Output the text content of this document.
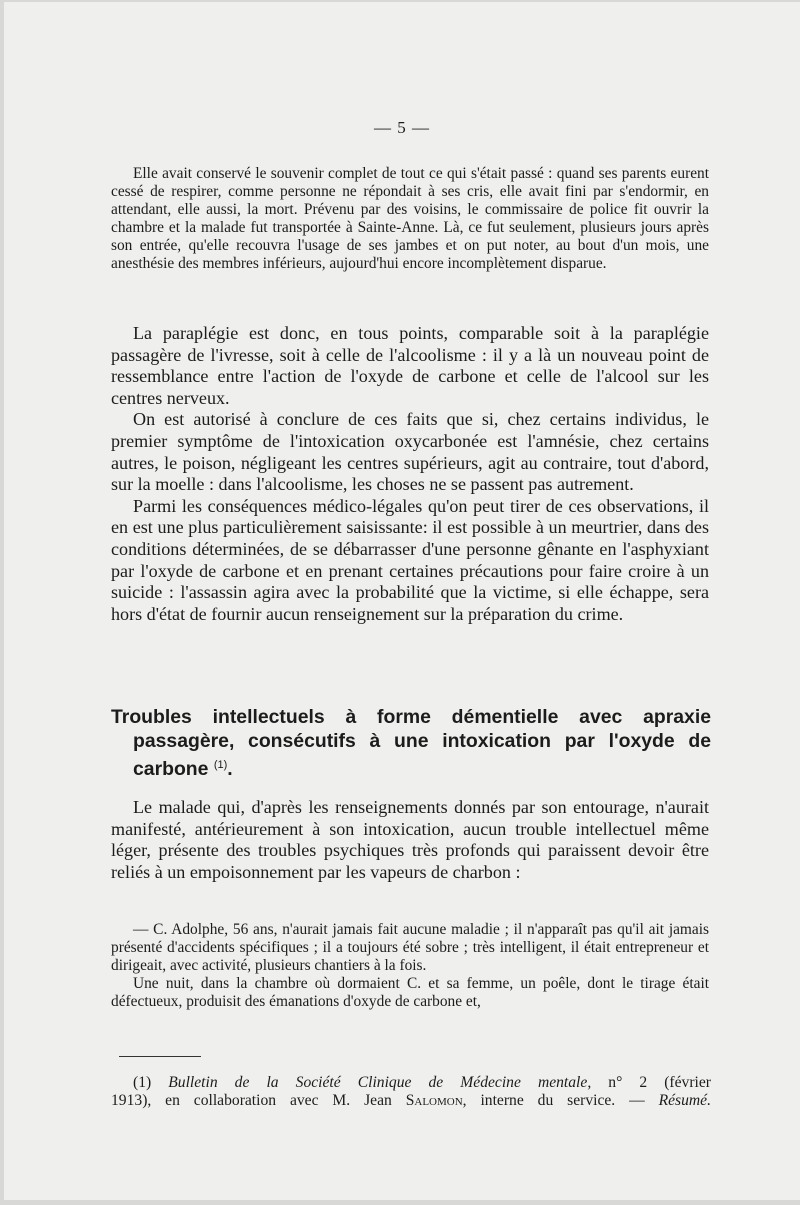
— 5 —

Elle avait conservé le souvenir complet de tout ce qui s'était passé : quand ses parents eurent cessé de respirer, comme personne ne répondait à ses cris, elle avait fini par s'endormir, en attendant, elle aussi, la mort. Prévenu par des voisins, le commissaire de police fit ouvrir la chambre et la malade fut transportée à Sainte-Anne. Là, ce fut seulement, plusieurs jours après son entrée, qu'elle recouvra l'usage de ses jambes et on put noter, au bout d'un mois, une anesthésie des membres inférieurs, aujourd'hui encore incomplètement disparue.

La paraplégie est donc, en tous points, comparable soit à la paraplégie passagère de l'ivresse, soit à celle de l'alcoolisme : il y a là un nouveau point de ressemblance entre l'action de l'oxyde de carbone et celle de l'alcool sur les centres nerveux.

On est autorisé à conclure de ces faits que si, chez certains individus, le premier symptôme de l'intoxication oxycarbonée est l'amnésie, chez certains autres, le poison, négligeant les centres supérieurs, agit au contraire, tout d'abord, sur la moelle : dans l'alcoolisme, les choses ne se passent pas autrement.

Parmi les conséquences médico-légales qu'on peut tirer de ces observations, il en est une plus particulièrement saisissante: il est possible à un meurtrier, dans des conditions déterminées, de se débarrasser d'une personne gênante en l'asphyxiant par l'oxyde de carbone et en prenant certaines précautions pour faire croire à un suicide : l'assassin agira avec la probabilité que la victime, si elle échappe, sera hors d'état de fournir aucun renseignement sur la préparation du crime.

Troubles intellectuels à forme démentielle avec apraxie
passagère, consécutifs à une intoxication par l'oxyde de
carbone $^{(1)}$.

Le malade qui, d'après les renseignements donnés par son entourage, n'aurait manifesté, antérieurement à son intoxication, aucun trouble intellectuel même léger, présente des troubles psychiques très profonds qui paraissent devoir être reliés à un empoisonnement par les vapeurs de charbon :

— C. Adolphe, 56 ans, n'aurait jamais fait aucune maladie ; il n'apparaît pas qu'il ait jamais présenté d'accidents spécifiques ; il a toujours été sobre ; très intelligent, il était entrepreneur et dirigeait, avec activité, plusieurs chantiers à la fois.

Une nuit, dans la chambre où dormaient C. et sa femme, un poêle, dont le tirage était défectueux, produisit des émanations d'oxyde de carbone et,

(1) Bulletin de la Société Clinique de Médecine mentale, n° 2 (février

1913), en collaboration avec M. Jean Salomon, interne du service. — Résumé.
